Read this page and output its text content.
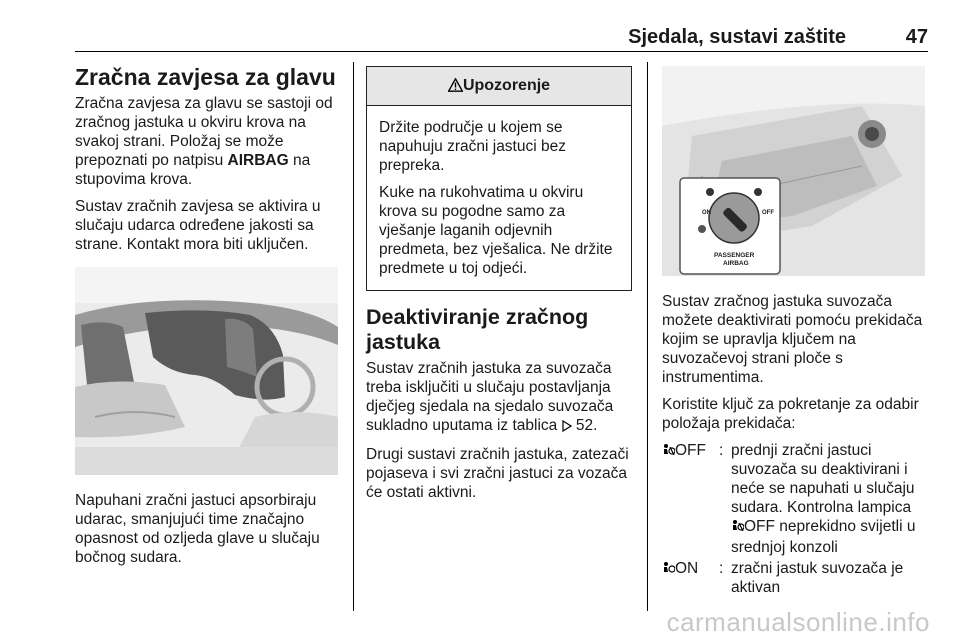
Sjedala, sustavi zaštite	47
Zračna zavjesa za glavu

Zračna zavjesa za glavu se sastoji od zračnog jastuka u okviru krova na svakoj strani. Položaj se može prepoznati po natpisu AIRBAG na stupovima krova.

Sustav zračnih zavjesa se aktivira u slučaju udarca određene jakosti sa strane. Kontakt mora biti uključen.

Napuhani zračni jastuci apsorbiraju udarac, smanjujući time značajno opasnost od ozljeda glave u slučaju bočnog sudara.

Upozorenje

Držite područje u kojem se napuhuju zračni jastuci bez prepreka.

Kuke na rukohvatima u okviru krova su pogodne samo za vješanje laganih odjevnih predmeta, bez vješalica. Ne držite predmete u toj odjeći.

Deaktiviranje zračnog jastuka

Sustav zračnih jastuka za suvozača treba isključiti u slučaju postavljanja dječjeg sjedala na sjedalo suvozača sukladno uputama iz tablica  52.

Drugi sustavi zračnih jastuka, zatezači pojaseva i svi zračni jastuci za vozača će ostati aktivni.

ON	OFF
PASSENGER
AIRBAG

Sustav zračnog jastuka suvozača možete deaktivirati pomoću prekidača kojim se upravlja ključem na suvozačevoj strani ploče s instrumentima.

Koristite ključ za pokretanje za odabir položaja prekidača:

OFF : prednji zračni jastuci suvozača su deaktivirani i neće se napuhati u slučaju sudara. Kontrolna lampica OFF neprekidno svijetli u srednjoj konzoli
ON	: zračni jastuk suvozača je aktivan
carmanualsonline.info
